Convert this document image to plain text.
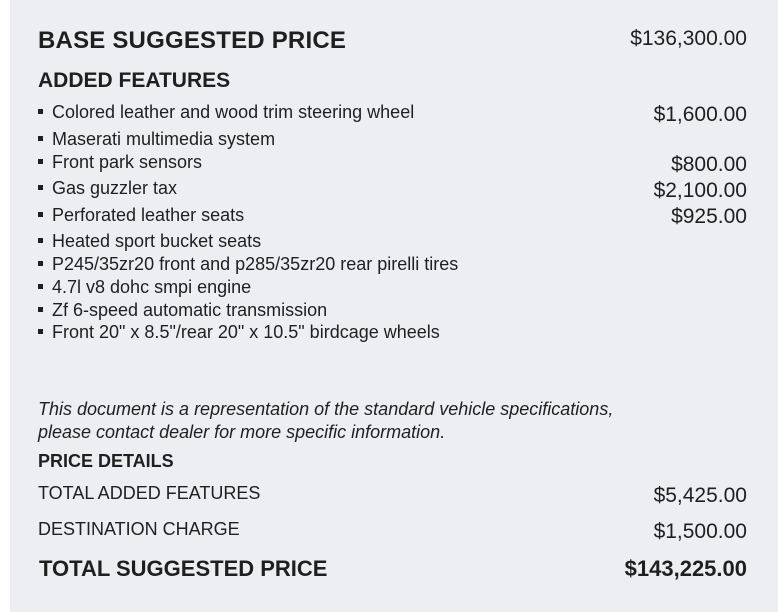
BASE SUGGESTED PRICE	$136,300.00
ADDED FEATURES
Colored leather and wood trim steering wheel	$1,600.00
Maserati multimedia system
Front park sensors	$800.00
Gas guzzler tax	$2,100.00
Perforated leather seats	$925.00
Heated sport bucket seats
P245/35zr20 front and p285/35zr20 rear pirelli tires
4.7l v8 dohc smpi engine
Zf 6-speed automatic transmission
Front 20" x 8.5"/rear 20" x 10.5" birdcage wheels
This document is a representation of the standard vehicle specifications,
please contact dealer for more specific information.
PRICE DETAILS
TOTAL ADDED FEATURES	$5,425.00
DESTINATION CHARGE	$1,500.00
TOTAL SUGGESTED PRICE	$143,225.00
